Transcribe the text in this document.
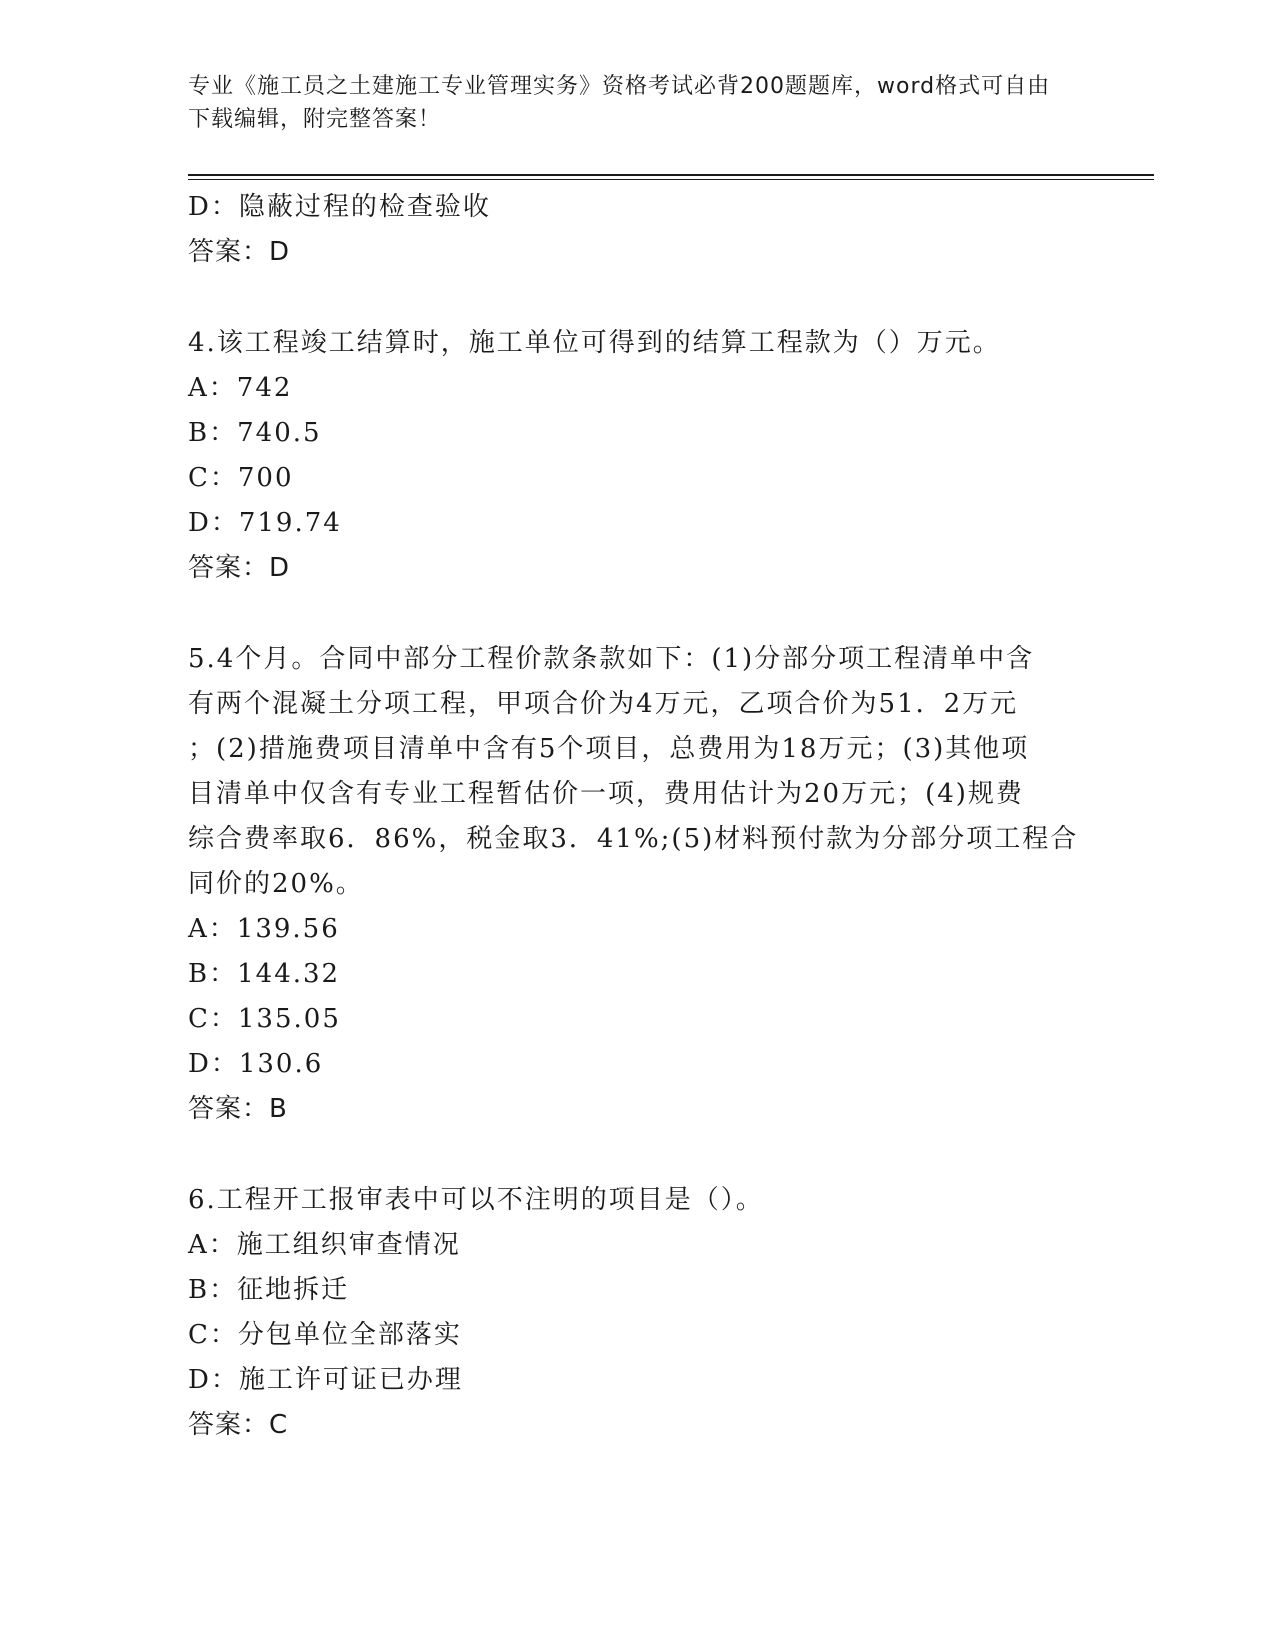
专业《施工员之土建施工专业管理实务》资格考试必背200题题库，word格式可自由下载编辑，附完整答案！
D：隐蔽过程的检查验收
答案：D
4.该工程竣工结算时，施工单位可得到的结算工程款为（）万元。
A：742
B：740.5
C：700
D：719.74
答案：D
5.4个月。合同中部分工程价款条款如下：(1)分部分项工程清单中含
有两个混凝土分项工程，甲项合价为4万元，乙项合价为51．2万元
；(2)措施费项目清单中含有5个项目，总费用为18万元；(3)其他项
目清单中仅含有专业工程暂估价一项，费用估计为20万元；(4)规费
综合费率取6．86%，税金取3．41%;(5)材料预付款为分部分项工程合
同价的20%。
A：139.56
B：144.32
C：135.05
D：130.6
答案：B
6.工程开工报审表中可以不注明的项目是（）。
A：施工组织审查情况
B：征地拆迁
C：分包单位全部落实
D：施工许可证已办理
答案：C
